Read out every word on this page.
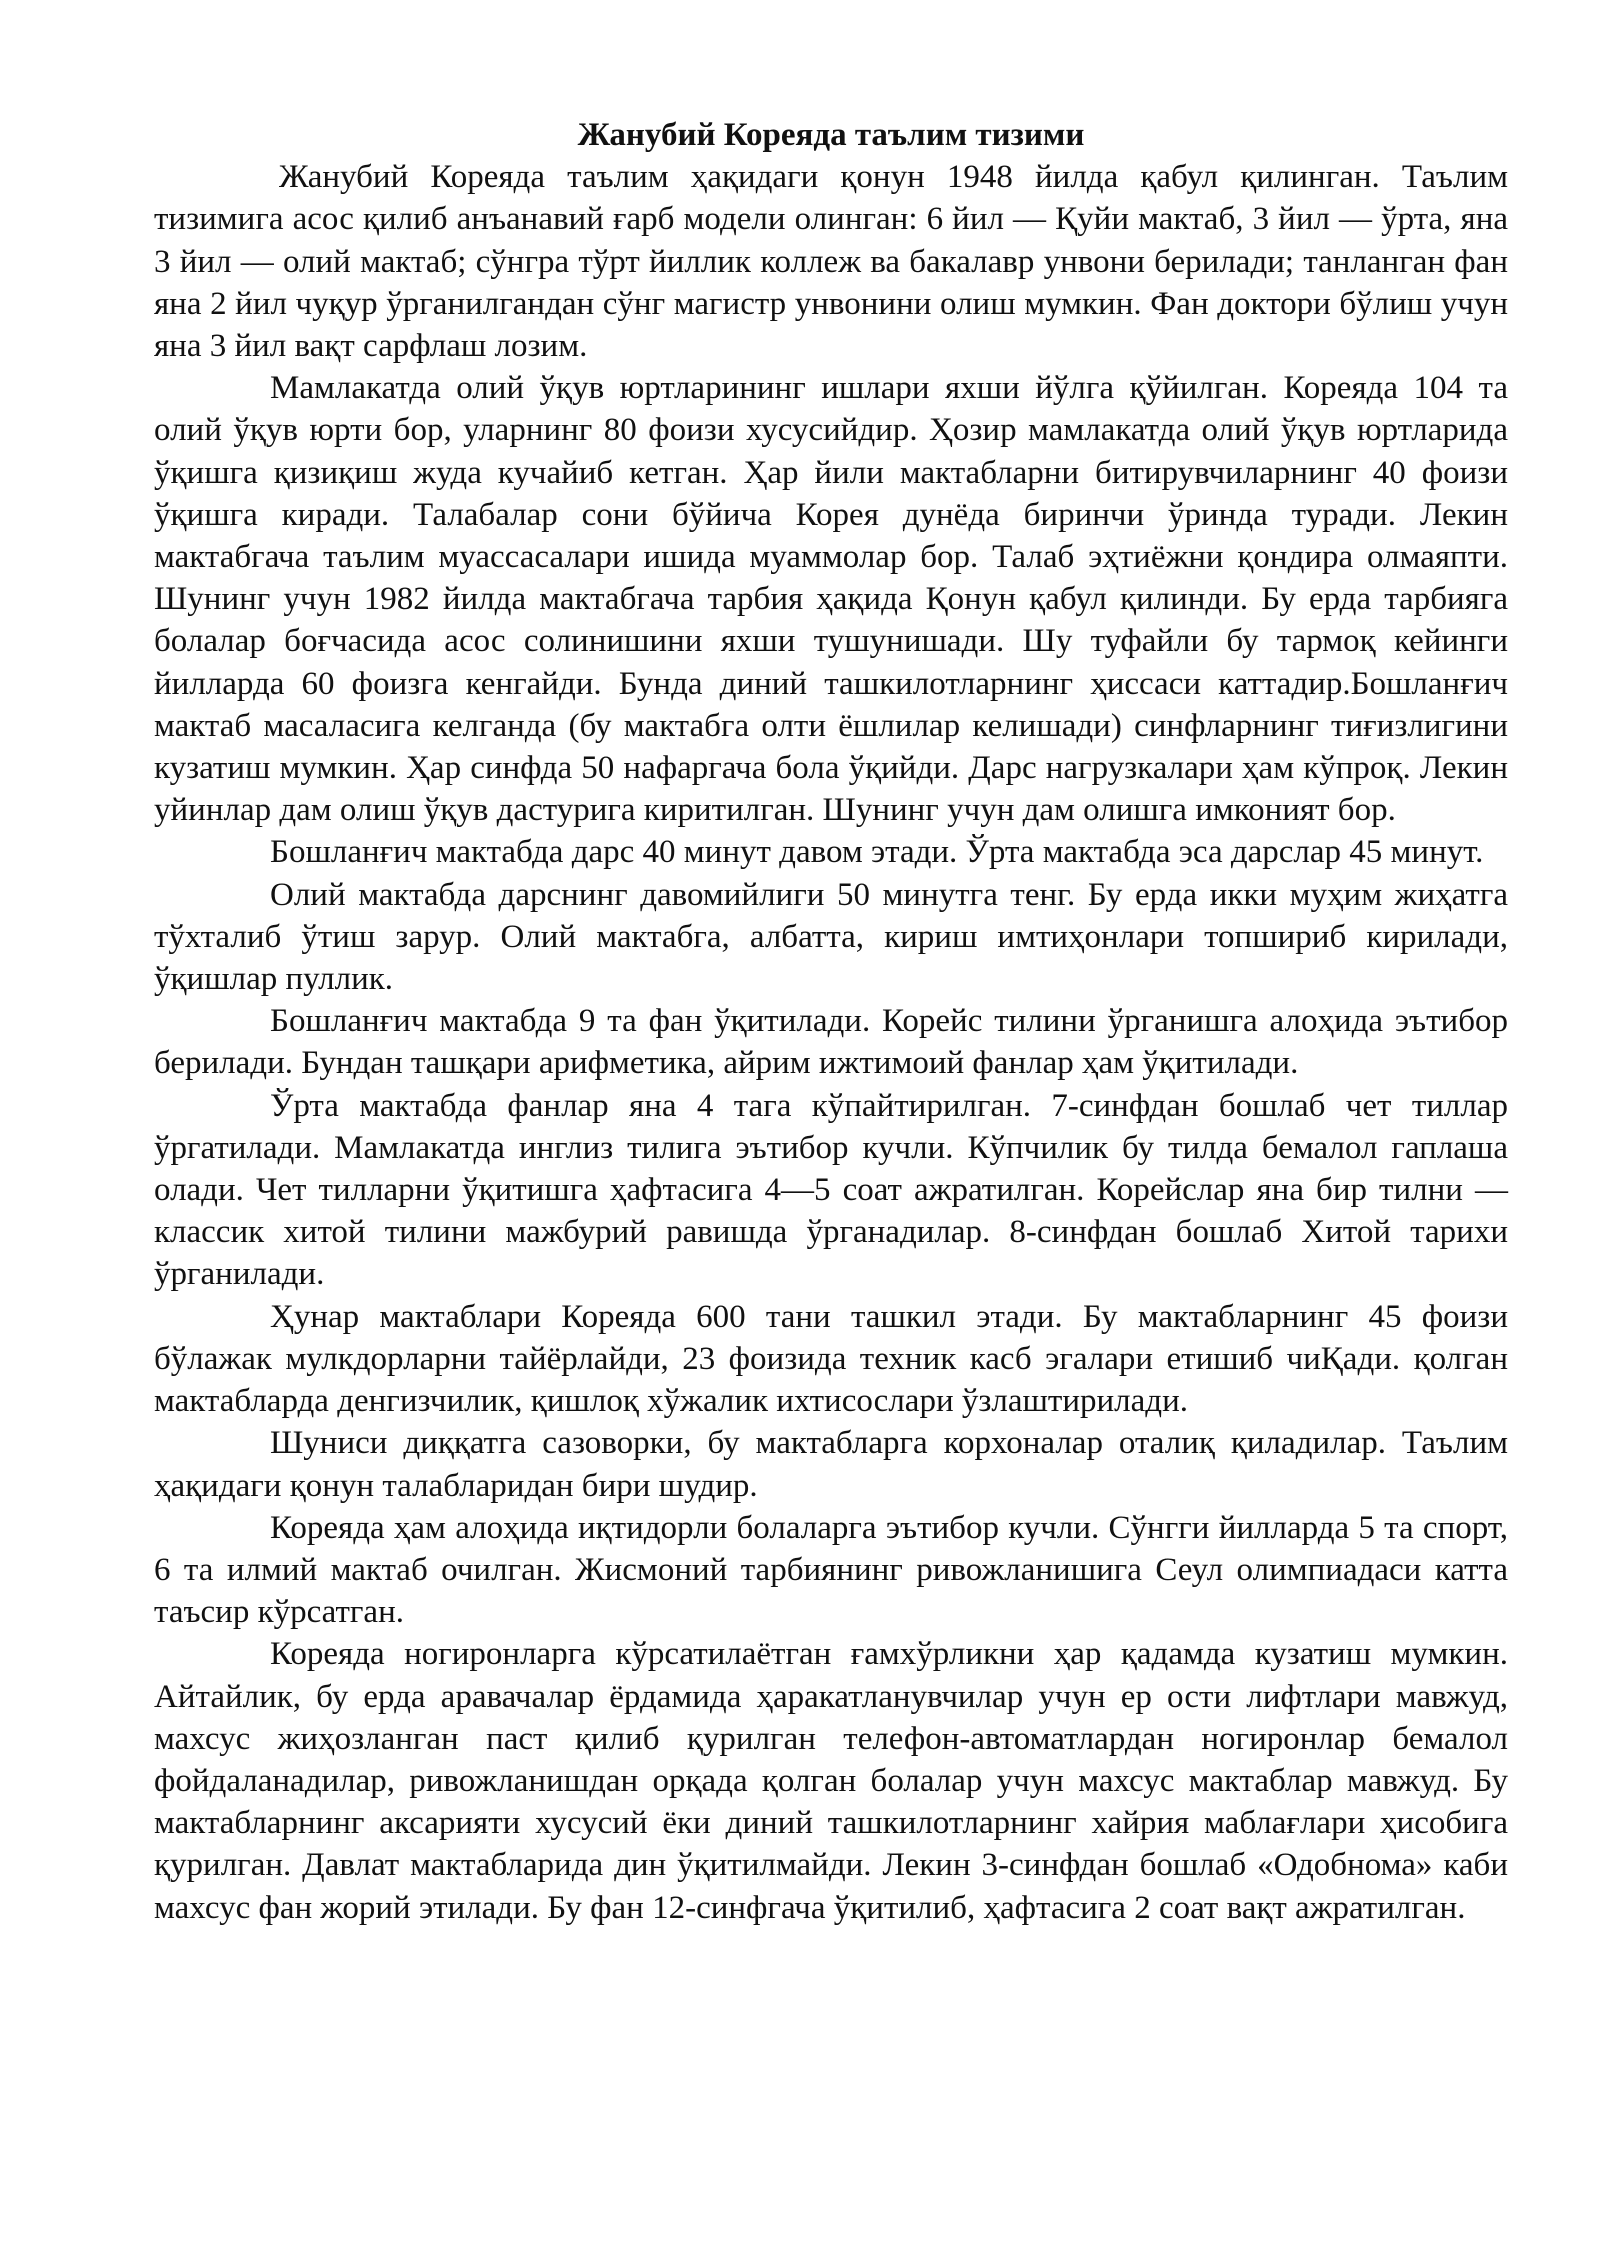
Жанубий Кореяда таълим тизими

Жанубий Кореяда таълим ҳақидаги қонун 1948 йилда қабул қилинган. Таълим тизимига асос қилиб анъанавий ғарб модели олинган: 6 йил — Қуйи мактаб, 3 йил — ўрта, яна 3 йил — олий мактаб; сўнгра тўрт йиллик коллеж ва бакалавр унвони берилади; танланган фан яна 2 йил чуқур ўрганилгандан сўнг магистр унвонини олиш мумкин. Фан доктори бўлиш учун яна 3 йил вақт сарфлаш лозим.

Мамлакатда олий ўқув юртларининг ишлари яхши йўлга қўйилган. Кореяда 104 та олий ўқув юрти бор, уларнинг 80 фоизи хусусийдир. Ҳозир мамлакатда олий ўқув юртларида ўқишга қизиқиш жуда кучайиб кетган. Ҳар йили мактабларни битирувчиларнинг 40 фоизи ўқишга киради. Талабалар сони бўйича Корея дунёда биринчи ўринда туради. Лекин мактабгача таълим муассасалари ишида муаммолар бор. Талаб эҳтиёжни қондира олмаяпти. Шунинг учун 1982 йилда мактабгача тарбия ҳақида Қонун қабул қилинди. Бу ерда тарбияга болалар боғчасида асос солинишини яхши тушунишади. Шу туфайли бу тармоқ кейинги йилларда 60 фоизга кенгайди. Бунда диний ташкилотларнинг ҳиссаси каттадир.Бошланғич мактаб масаласига келганда (бу мактабга олти ёшлилар келишади) синфларнинг тиғизлигини кузатиш мумкин. Ҳар синфда 50 нафаргача бола ўқийди. Дарс нагрузкалари ҳам кўпроқ. Лекин уйинлар дам олиш ўқув дастурига киритилган. Шунинг учун дам олишга имконият бор.

Бошланғич мактабда дарс 40 минут давом этади. Ўрта мактабда эса дарслар 45 минут.

Олий мактабда дарснинг давомийлиги 50 минутга тенг. Бу ерда икки муҳим жиҳатга тўхталиб ўтиш зарур. Олий мактабга, албатта, кириш имтиҳонлари топшириб кирилади, ўқишлар пуллик.

Бошланғич мактабда 9 та фан ўқитилади. Корейс тилини ўрганишга алоҳида эътибор берилади. Бундан ташқари арифметика, айрим ижтимоий фанлар ҳам ўқитилади.

Ўрта мактабда фанлар яна 4 тага кўпайтирилган. 7-синфдан бошлаб чет тиллар ўргатилади. Мамлакатда инглиз тилига эътибор кучли. Кўпчилик бу тилда бемалол гаплаша олади. Чет тилларни ўқитишга ҳафтасига 4—5 соат ажратилган. Корейслар яна бир тилни — классик хитой тилини мажбурий равишда ўрганадилар. 8-синфдан бошлаб Хитой тарихи ўрганилади.

Ҳунар мактаблари Кореяда 600 тани ташкил этади. Бу мактабларнинг 45 фоизи бўлажак мулкдорларни тайёрлайди, 23 фоизида техник касб эгалари етишиб чиҚади. қолган мактабларда денгизчилик, қишлоқ хўжалик ихтисослари ўзлаштирилади.

Шуниси диққатга сазоворки, бу мактабларга корхоналар оталиқ қиладилар. Таълим ҳақидаги қонун талабларидан бири шудир.

Кореяда ҳам алоҳида иқтидорли болаларга эътибор кучли. Сўнгги йилларда 5 та спорт, 6 та илмий мактаб очилган. Жисмоний тарбиянинг ривожланишига Сеул олимпиадаси катта таъсир кўрсатган.

Кореяда ногиронларга кўрсатилаётган ғамхўрликни ҳар қадамда кузатиш мумкин. Айтайлик, бу ерда аравачалар ёрдамида ҳаракатланувчилар учун ер ости лифтлари мавжуд, махсус жиҳозланган паст қилиб қурилган телефон-автоматлардан ногиронлар бемалол фойдаланадилар, ривожланишдан орқада қолган болалар учун махсус мактаблар мавжуд. Бу мактабларнинг аксарияти хусусий ёки диний ташкилотларнинг хайрия маблағлари ҳисобига қурилган. Давлат мактабларида дин ўқитилмайди. Лекин 3-синфдан бошлаб «Одобнома» каби махсус фан жорий этилади. Бу фан 12-синфгача ўқитилиб, ҳафтасига 2 соат вақт ажратилган.
